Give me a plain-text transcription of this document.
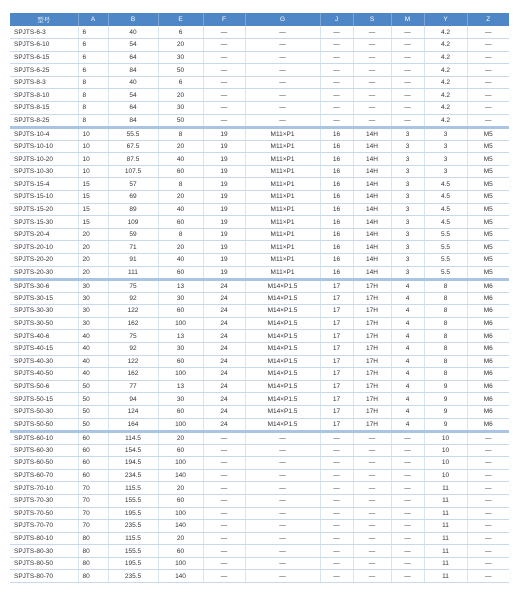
型号	A	B	E	F	G	J	S	M	Y	Z
SPJTS-6-3	6	40	6	—	—	—	—	—	4.2	—
SPJTS-6-10	6	54	20	—	—	—	—	—	4.2	—
SPJTS-6-15	6	64	30	—	—	—	—	—	4.2	—
SPJTS-6-25	6	84	50	—	—	—	—	—	4.2	—
SPJTS-8-3	8	40	6	—	—	—	—	—	4.2	—
SPJTS-8-10	8	54	20	—	—	—	—	—	4.2	—
SPJTS-8-15	8	64	30	—	—	—	—	—	4.2	—
SPJTS-8-25	8	84	50	—	—	—	—	—	4.2	—
SPJTS-10-4	10	55.5	8	19	M11×P1	16	14H	3	3	M5
SPJTS-10-10	10	67.5	20	19	M11×P1	16	14H	3	3	M5
SPJTS-10-20	10	87.5	40	19	M11×P1	16	14H	3	3	M5
SPJTS-10-30	10	107.5	60	19	M11×P1	16	14H	3	3	M5
SPJTS-15-4	15	57	8	19	M11×P1	16	14H	3	4.5	M5
SPJTS-15-10	15	69	20	19	M11×P1	16	14H	3	4.5	M5
SPJTS-15-20	15	89	40	19	M11×P1	16	14H	3	4.5	M5
SPJTS-15-30	15	109	60	19	M11×P1	16	14H	3	4.5	M5
SPJTS-20-4	20	59	8	19	M11×P1	16	14H	3	5.5	M5
SPJTS-20-10	20	71	20	19	M11×P1	16	14H	3	5.5	M5
SPJTS-20-20	20	91	40	19	M11×P1	16	14H	3	5.5	M5
SPJTS-20-30	20	111	60	19	M11×P1	16	14H	3	5.5	M5
SPJTS-30-6	30	75	13	24	M14×P1.5	17	17H	4	8	M6
SPJTS-30-15	30	92	30	24	M14×P1.5	17	17H	4	8	M6
SPJTS-30-30	30	122	60	24	M14×P1.5	17	17H	4	8	M6
SPJTS-30-50	30	162	100	24	M14×P1.5	17	17H	4	8	M6
SPJTS-40-6	40	75	13	24	M14×P1.5	17	17H	4	8	M6
SPJTS-40-15	40	92	30	24	M14×P1.5	17	17H	4	8	M6
SPJTS-40-30	40	122	60	24	M14×P1.5	17	17H	4	8	M6
SPJTS-40-50	40	162	100	24	M14×P1.5	17	17H	4	8	M6
SPJTS-50-6	50	77	13	24	M14×P1.5	17	17H	4	9	M6
SPJTS-50-15	50	94	30	24	M14×P1.5	17	17H	4	9	M6
SPJTS-50-30	50	124	60	24	M14×P1.5	17	17H	4	9	M6
SPJTS-50-50	50	164	100	24	M14×P1.5	17	17H	4	9	M6
SPJTS-60-10	60	114.5	20	—	—	—	—	—	10	—
SPJTS-60-30	60	154.5	60	—	—	—	—	—	10	—
SPJTS-60-50	60	194.5	100	—	—	—	—	—	10	—
SPJTS-60-70	60	234.5	140	—	—	—	—	—	10	—
SPJTS-70-10	70	115.5	20	—	—	—	—	—	11	—
SPJTS-70-30	70	155.5	60	—	—	—	—	—	11	—
SPJTS-70-50	70	195.5	100	—	—	—	—	—	11	—
SPJTS-70-70	70	235.5	140	—	—	—	—	—	11	—
SPJTS-80-10	80	115.5	20	—	—	—	—	—	11	—
SPJTS-80-30	80	155.5	60	—	—	—	—	—	11	—
SPJTS-80-50	80	195.5	100	—	—	—	—	—	11	—
SPJTS-80-70	80	235.5	140	—	—	—	—	—	11	—
